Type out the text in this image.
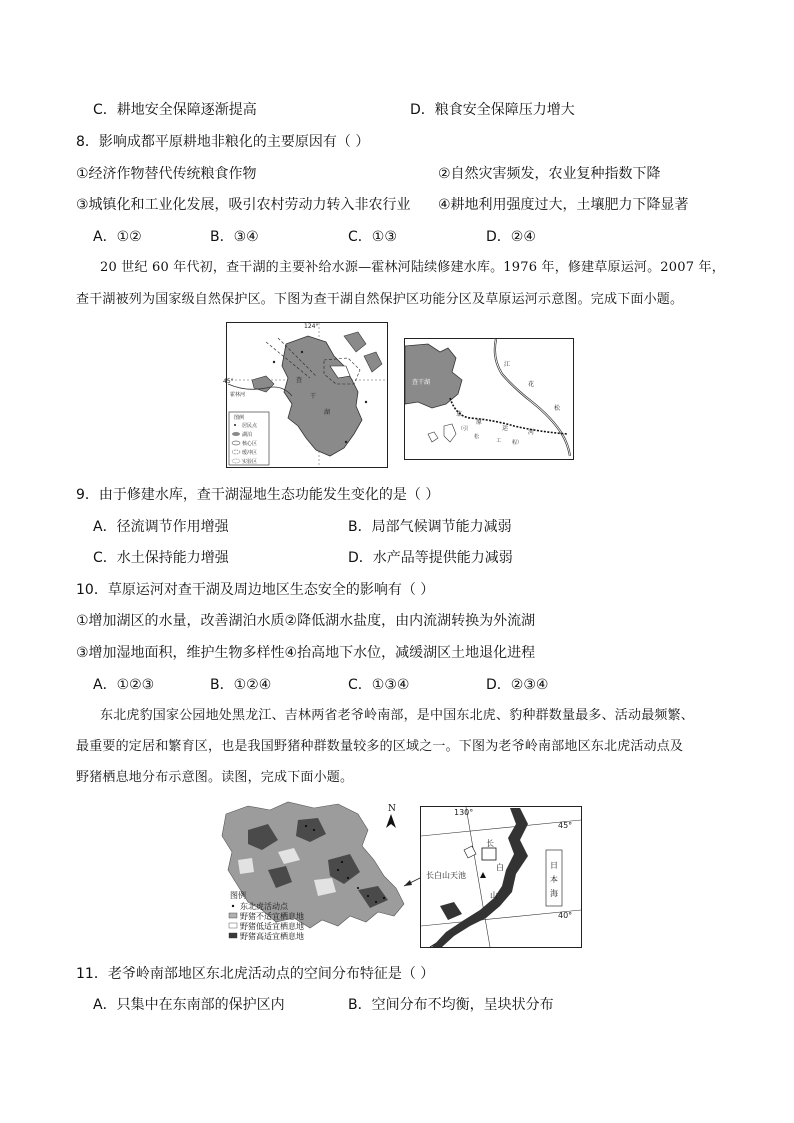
C．耕地安全保障逐渐提高	D．粮食安全保障压力增大
8．影响成都平原耕地非粮化的主要原因有（ ）
①经济作物替代传统粮食作物	②自然灾害频发，农业复种指数下降
③城镇化和工业化发展，吸引农村劳动力转入非农行业 ④耕地利用强度过大，土壤肥力下降显著
A．①②	B．③④	C．①③	D．②④
20 世纪 60 年代初，查干湖的主要补给水源—霍林河陆续修建水库。1976 年，修建草原运河。2007 年，
查干湖被列为国家级自然保护区。下图为查干湖自然保护区功能分区及草原运河示意图。完成下面小题。
124°
45°
霍林河
查
干
湖
图例
居民点
湖泊
核心区
缓冲区
实验区
查干湖
江
花
松
草
原
运
河
（引
松
工 程）
9．由于修建水库，查干湖湿地生态功能发生变化的是（ ）
A．径流调节作用增强	B．局部气候调节能力减弱
C．水土保持能力增强	D．水产品等提供能力减弱
10．草原运河对查干湖及周边地区生态安全的影响有（ ）
①增加湖区的水量，改善湖泊水质②降低湖水盐度，由内流湖转换为外流湖
③增加湿地面积，维护生物多样性④抬高地下水位，减缓湖区土地退化进程
A．①②③	B．①②④	C．①③④	D．②③④
东北虎豹国家公园地处黑龙江、吉林两省老爷岭南部，是中国东北虎、豹种群数量最多、活动最频繁、
最重要的定居和繁育区，也是我国野猪种群数量较多的区域之一。下图为老爷岭南部地区东北虎活动点及
野猪栖息地分布示意图。读图，完成下面小题。
N
图例
东北虎活动点
野猪不适宜栖息地
野猪低适宜栖息地
野猪高适宜栖息地
130°
45°
40°
长
白
山
长白山天池
日
本
海
11．老爷岭南部地区东北虎活动点的空间分布特征是（ ）
A．只集中在东南部的保护区内	B．空间分布不均衡，呈块状分布
